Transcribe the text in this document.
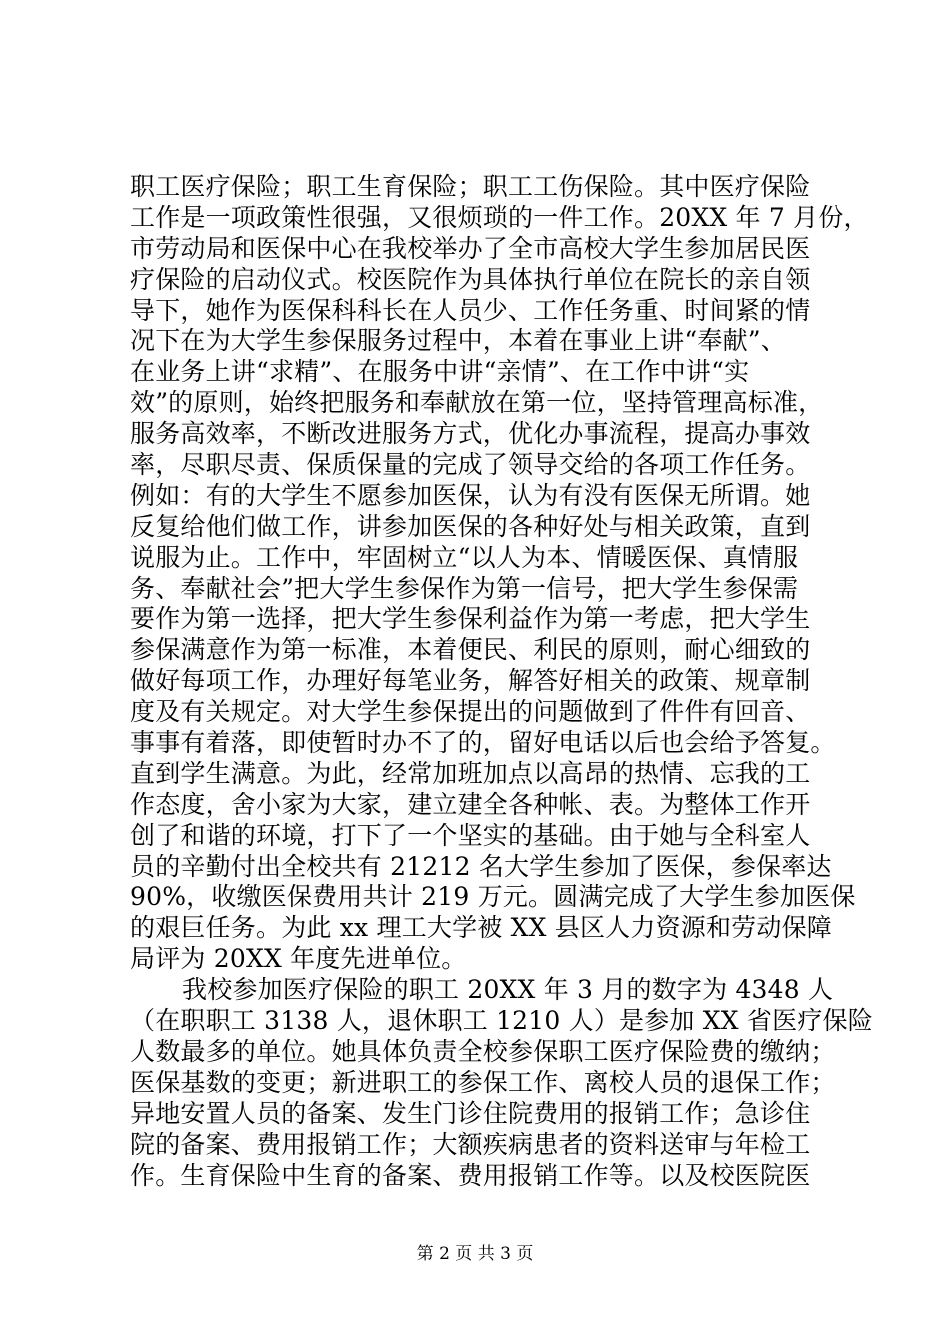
职工医疗保险；职工生育保险；职工工伤保险。其中医疗保险
工作是一项政策性很强，又很烦琐的一件工作。20XX 年 7 月份，
市劳动局和医保中心在我校举办了全市高校大学生参加居民医
疗保险的启动仪式。校医院作为具体执行单位在院长的亲自领
导下，她作为医保科科长在人员少、工作任务重、时间紧的情
况下在为大学生参保服务过程中，本着在事业上讲“奉献”、
在业务上讲“求精”、在服务中讲“亲情”、在工作中讲“实
效”的原则，始终把服务和奉献放在第一位，坚持管理高标准，
服务高效率，不断改进服务方式，优化办事流程，提高办事效
率，尽职尽责、保质保量的完成了领导交给的各项工作任务。
例如：有的大学生不愿参加医保，认为有没有医保无所谓。她
反复给他们做工作，讲参加医保的各种好处与相关政策，直到
说服为止。工作中，牢固树立“以人为本、情暖医保、真情服
务、奉献社会”把大学生参保作为第一信号，把大学生参保需
要作为第一选择，把大学生参保利益作为第一考虑，把大学生
参保满意作为第一标准，本着便民、利民的原则，耐心细致的
做好每项工作，办理好每笔业务，解答好相关的政策、规章制
度及有关规定。对大学生参保提出的问题做到了件件有回音、
事事有着落，即使暂时办不了的，留好电话以后也会给予答复。
直到学生满意。为此，经常加班加点以高昂的热情、忘我的工
作态度，舍小家为大家，建立建全各种帐、表。为整体工作开
创了和谐的环境，打下了一个坚实的基础。由于她与全科室人
员的辛勤付出全校共有 21212 名大学生参加了医保，参保率达
90%，收缴医保费用共计 219 万元。圆满完成了大学生参加医保
的艰巨任务。为此 xx 理工大学被 XX 县区人力资源和劳动保障
局评为 20XX 年度先进单位。
我校参加医疗保险的职工 20XX 年 3 月的数字为 4348 人
（在职职工 3138 人，退休职工 1210 人）是参加 XX 省医疗保险
人数最多的单位。她具体负责全校参保职工医疗保险费的缴纳；
医保基数的变更；新进职工的参保工作、离校人员的退保工作；
异地安置人员的备案、发生门诊住院费用的报销工作；急诊住
院的备案、费用报销工作；大额疾病患者的资料送审与年检工
作。生育保险中生育的备案、费用报销工作等。以及校医院医
第 2 页 共 3 页
